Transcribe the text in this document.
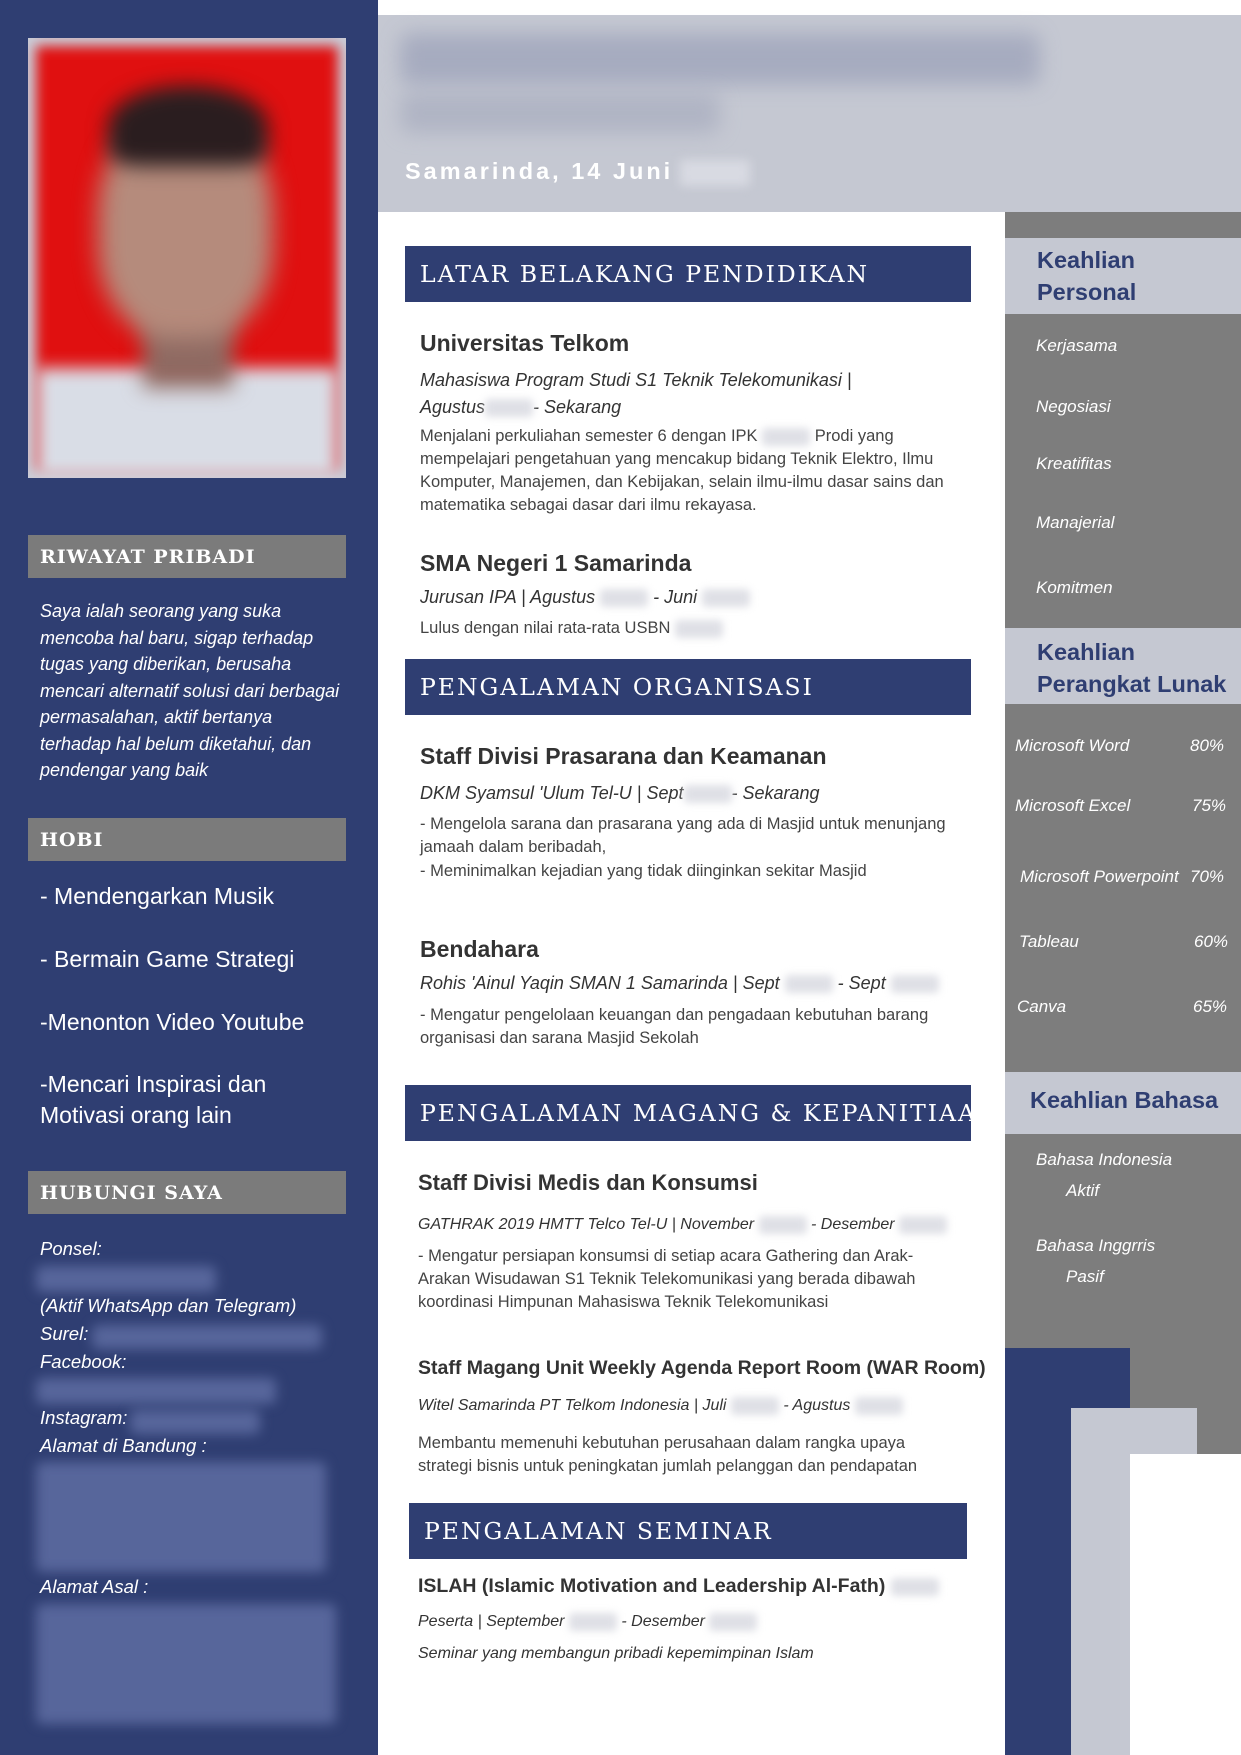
RIWAYAT PRIBADI
Saya ialah seorang yang suka mencoba hal baru, sigap terhadap tugas yang diberikan, berusaha mencari alternatif solusi dari berbagai permasalahan, aktif bertanya terhadap hal belum diketahui, dan pendengar yang baik
HOBI
- Mendengarkan Musik
- Bermain Game Strategi
-Menonton Video Youtube
-Mencari Inspirasi dan Motivasi orang lain
HUBUNGI SAYA
Ponsel:
(Aktif WhatsApp dan Telegram)
Surel:
Facebook:
Instagram:
Alamat di Bandung :
Alamat Asal :
Samarinda, 14 Juni
Keahlian
Personal
Kerjasama
Negosiasi
Kreatifitas
Manajerial
Komitmen
Keahlian
Perangkat Lunak
Microsoft Word	80%
Microsoft Excel	75%
Microsoft Powerpoint 70%
Tableau	60%
Canva	65%
Keahlian Bahasa
Bahasa Indonesia
Aktif
Bahasa Inggrris
Pasif
LATAR BELAKANG PENDIDIKAN
Universitas Telkom
Mahasiswa Program Studi S1 Teknik Telekomunikasi |
Agustus	- Sekarang
Menjalani perkuliahan semester 6 dengan IPK	Prodi yang mempelajari pengetahuan yang mencakup bidang Teknik Elektro, Ilmu Komputer, Manajemen, dan Kebijakan, selain ilmu-ilmu dasar sains dan matematika sebagai dasar dari ilmu rekayasa.
SMA Negeri 1 Samarinda
Jurusan IPA | Agustus	- Juni
Lulus dengan nilai rata-rata USBN
PENGALAMAN ORGANISASI
Staff Divisi Prasarana dan Keamanan
DKM Syamsul 'Ulum Tel-U | Sept	- Sekarang
- Mengelola sarana dan prasarana yang ada di Masjid untuk menunjang jamaah dalam beribadah,
- Meminimalkan kejadian yang tidak diinginkan sekitar Masjid
Bendahara
Rohis 'Ainul Yaqin SMAN 1 Samarinda | Sept	- Sept
- Mengatur pengelolaan keuangan dan pengadaan kebutuhan barang organisasi dan sarana Masjid Sekolah
PENGALAMAN MAGANG & KEPANITIAAN
Staff Divisi Medis dan Konsumsi
GATHRAK 2019 HMTT Telco Tel-U | November	- Desember
- Mengatur persiapan konsumsi di setiap acara Gathering dan Arak-Arakan Wisudawan S1 Teknik Telekomunikasi yang berada dibawah koordinasi Himpunan Mahasiswa Teknik Telekomunikasi
Staff Magang Unit Weekly Agenda Report Room (WAR Room)
Witel Samarinda PT Telkom Indonesia | Juli	- Agustus
Membantu memenuhi kebutuhan perusahaan dalam rangka upaya strategi bisnis untuk peningkatan jumlah pelanggan dan pendapatan
PENGALAMAN SEMINAR
ISLAH (Islamic Motivation and Leadership Al-Fath)
Peserta | September	- Desember
Seminar yang membangun pribadi kepemimpinan Islam
